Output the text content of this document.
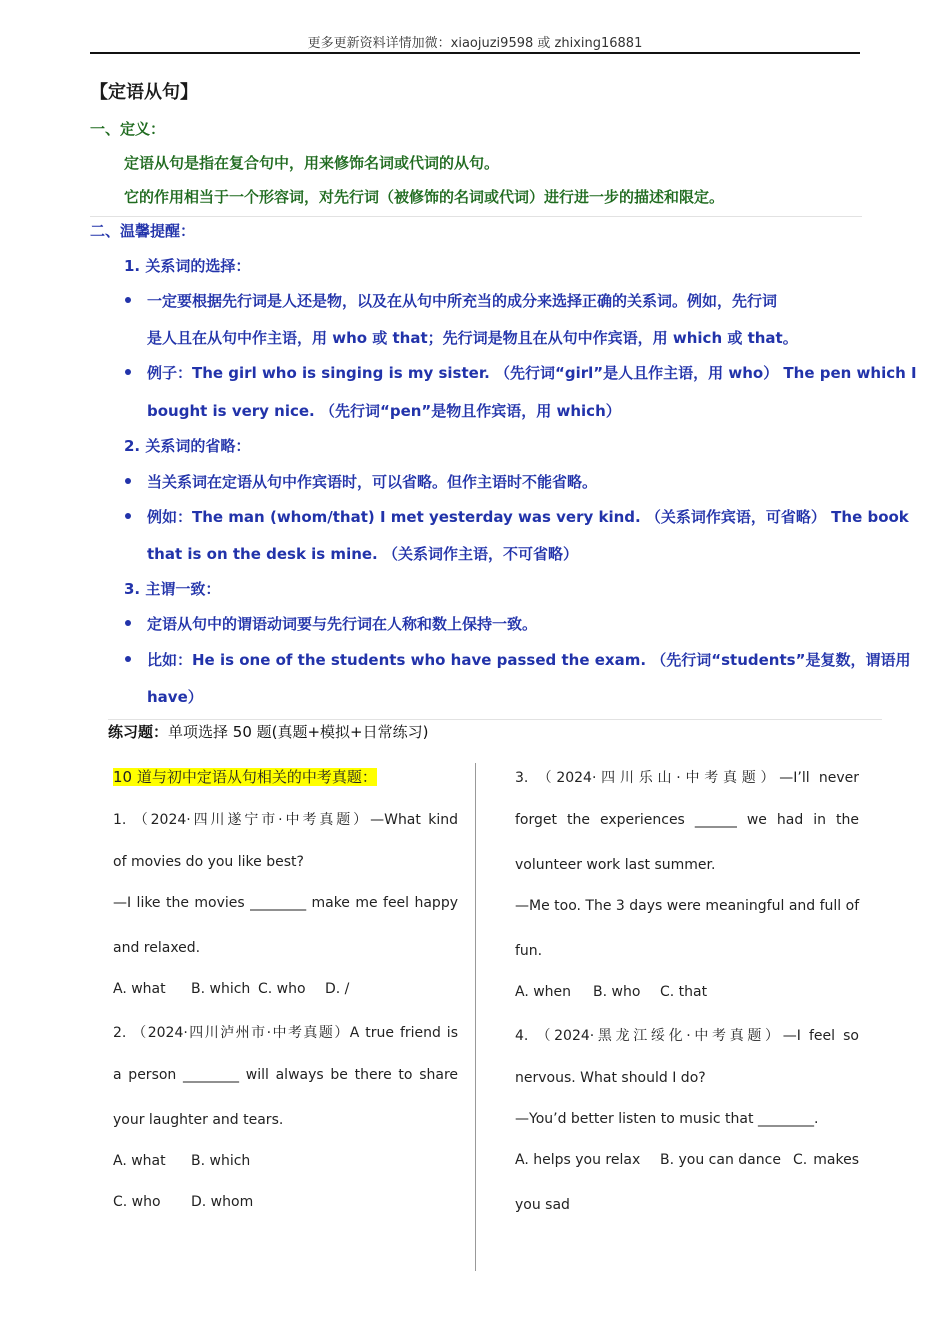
更多更新资料详情加微：xiaojuzi9598 或 zhixing16881
【定语从句】
一、定义：
定语从句是指在复合句中，用来修饰名词或代词的从句。
它的作用相当于一个形容词，对先行词（被修饰的名词或代词）进行进一步的描述和限定。
二、温馨提醒：
1. 关系词的选择：
一定要根据先行词是人还是物，以及在从句中所充当的成分来选择正确的关系词。例如，先行词
是人且在从句中作主语，用 who 或 that；先行词是物且在从句中作宾语，用 which 或 that。
例子：The girl who is singing is my sister. （先行词“girl”是人且作主语，用 who） The pen which I
bought is very nice. （先行词“pen”是物且作宾语，用 which）
2. 关系词的省略：
当关系词在定语从句中作宾语时，可以省略。但作主语时不能省略。
例如：The man (whom/that) I met yesterday was very kind. （关系词作宾语，可省略） The book
that is on the desk is mine. （关系词作主语，不可省略）
3. 主谓一致：
定语从句中的谓语动词要与先行词在人称和数上保持一致。
比如：He is one of the students who have passed the exam. （先行词“students”是复数，谓语用
have）
练习题：单项选择 50 题(真题+模拟+日常练习)
10 道与初中定语从句相关的中考真题：
1. （2024·四川遂宁市·中考真题）—What kind
of movies do you like best?
—I like the movies ________ make me feel happy
and relaxed.
A. what B. which C. who D. /
2. （2024·四川泸州市·中考真题）A true friend is
a person ________ will always be there to share
your laughter and tears.
A. what B. which
C. who D. whom
3. （2024·四川乐山·中考真题）—I’ll never
forget the experiences ______ we had in the
volunteer work last summer.
—Me too. The 3 days were meaningful and full of
fun.
A. when B. who C. that
4. （2024·黑龙江绥化·中考真题）—I feel so
nervous. What should I do?
—You’d better listen to music that ________.
A. helps you relax B. you can dance C. makes
you sad
